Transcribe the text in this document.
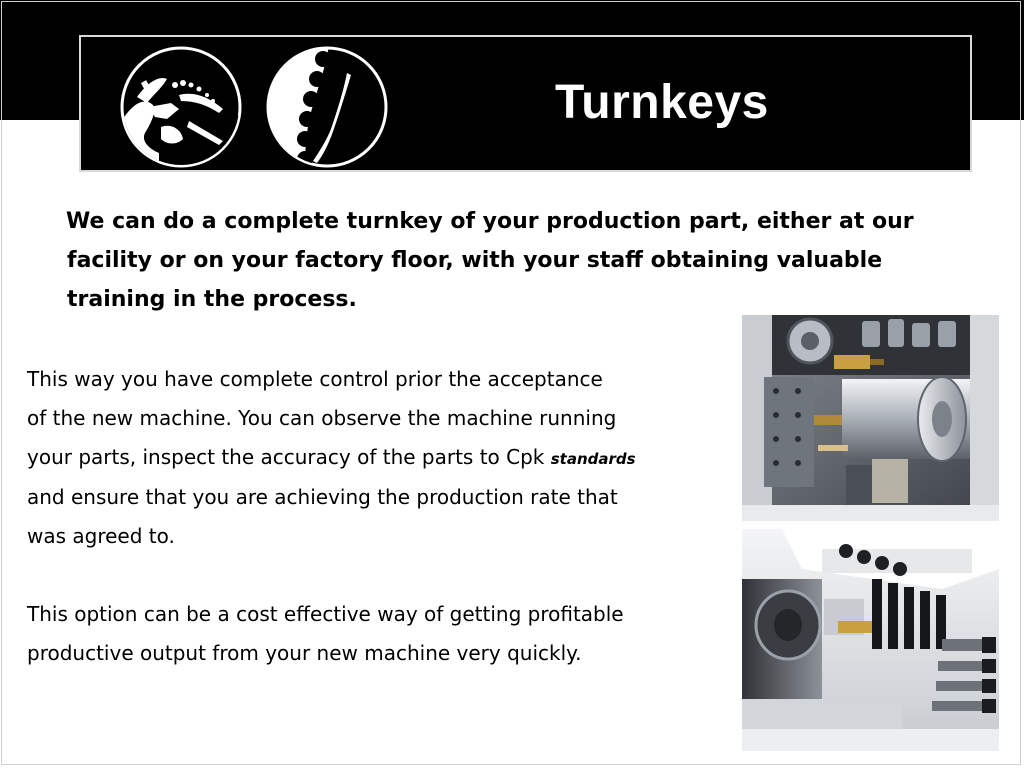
Turnkeys

We can do a complete turnkey of your production part, either at our
facility or on your factory floor, with your staff obtaining valuable
training in the process.

This way you have complete control prior the acceptance
of the new machine. You can observe the machine running
your parts, inspect the accuracy of the parts to Cpk standards
and ensure that you are achieving the production rate that
was agreed to.
This option can be a cost effective way of getting profitable
productive output from your new machine very quickly.
